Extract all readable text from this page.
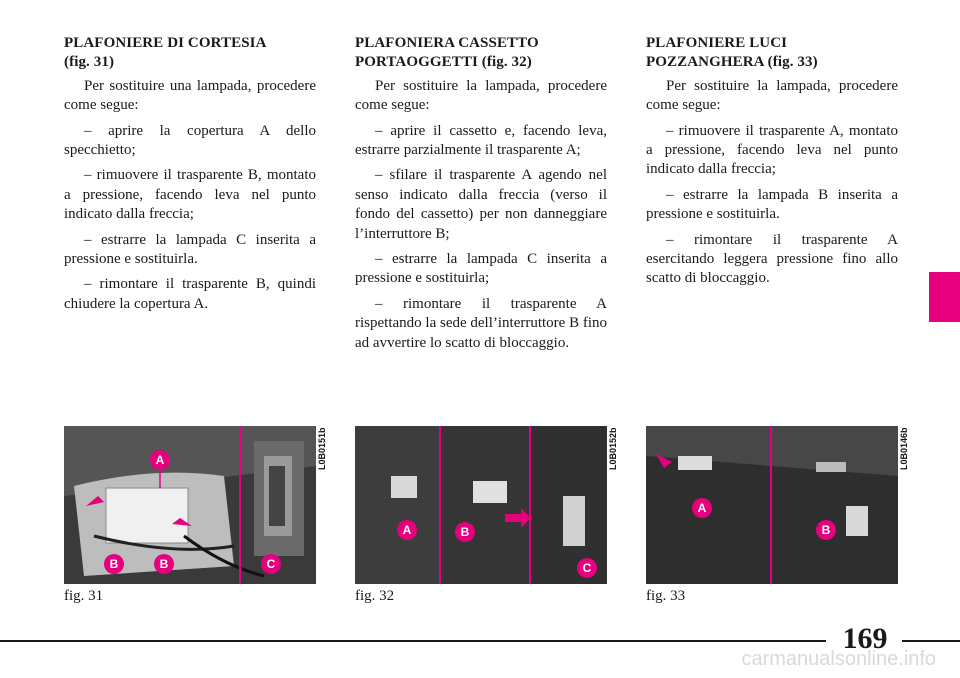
PLAFONIERE DI CORTESIA
(fig. 31)

Per sostituire una lampada, procedere come segue:

– aprire la copertura A dello specchietto;

– rimuovere il trasparente B, montato a pressione, facendo leva nel punto indicato dalla freccia;

– estrarre la lampada C inserita a pressione e sostituirla.

– rimontare il trasparente B, quindi chiudere la copertura A.

PLAFONIERA CASSETTO
PORTAOGGETTI (fig. 32)

Per sostituire la lampada, procedere come segue:

– aprire il cassetto e, facendo leva, estrarre parzialmente il trasparente A;

– sfilare il trasparente A agendo nel senso indicato dalla freccia (verso il fondo del cassetto) per non danneggiare l’interruttore B;

– estrarre la lampada C inserita a pressione e sostituirla;

– rimontare il trasparente A rispettando la sede dell’interruttore B fino ad avvertire lo scatto di bloccaggio.

PLAFONIERE LUCI
POZZANGHERA (fig. 33)

Per sostituire la lampada, procedere come segue:

– rimuovere il trasparente A, montato a pressione, facendo leva nel punto indicato dalla freccia;

– estrarre la lampada B inserita a pressione e sostituirla.

– rimontare il trasparente A esercitando leggera pressione fino allo scatto di bloccaggio.

A
B	B	C
L0B0151b
fig. 31
A	B
C
L0B0152b
fig. 32
A
B
L0B0146b
fig. 33
169
carmanualsonline.info
